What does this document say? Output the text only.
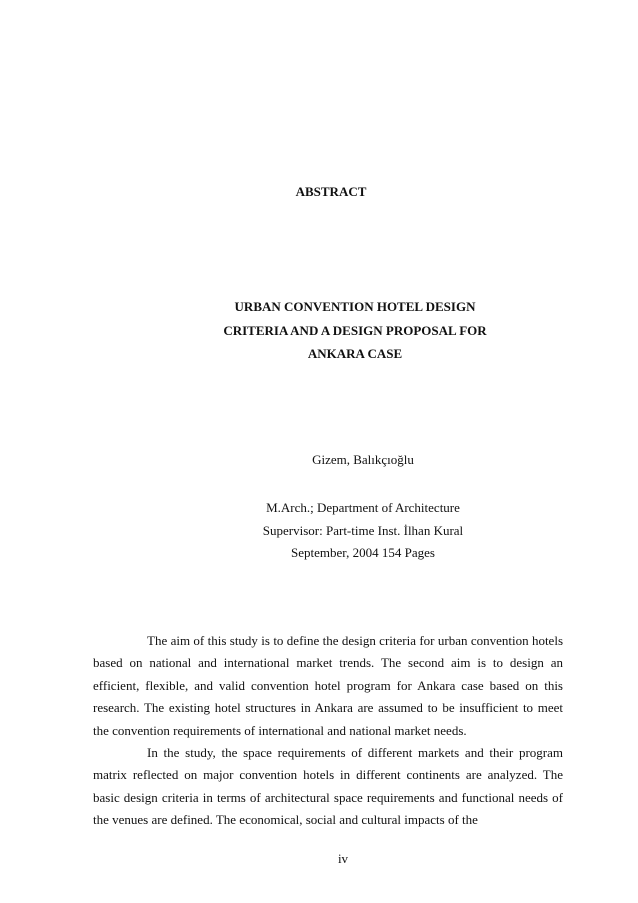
ABSTRACT
URBAN CONVENTION HOTEL DESIGN
CRITERIA AND A DESIGN PROPOSAL FOR
ANKARA CASE
Gizem, Balıkçıoğlu
M.Arch.; Department of Architecture
Supervisor: Part-time Inst. İlhan Kural
September, 2004 154 Pages

The aim of this study is to define the design criteria for urban convention hotels based on national and international market trends. The second aim is to design an efficient, flexible, and valid convention hotel program for Ankara case based on this research. The existing hotel structures in Ankara are assumed to be insufficient to meet the convention requirements of international and national market needs.

In the study, the space requirements of different markets and their program matrix reflected on major convention hotels in different continents are analyzed. The basic design criteria in terms of architectural space requirements and functional needs of the venues are defined. The economical, social and cultural impacts of the

iv
